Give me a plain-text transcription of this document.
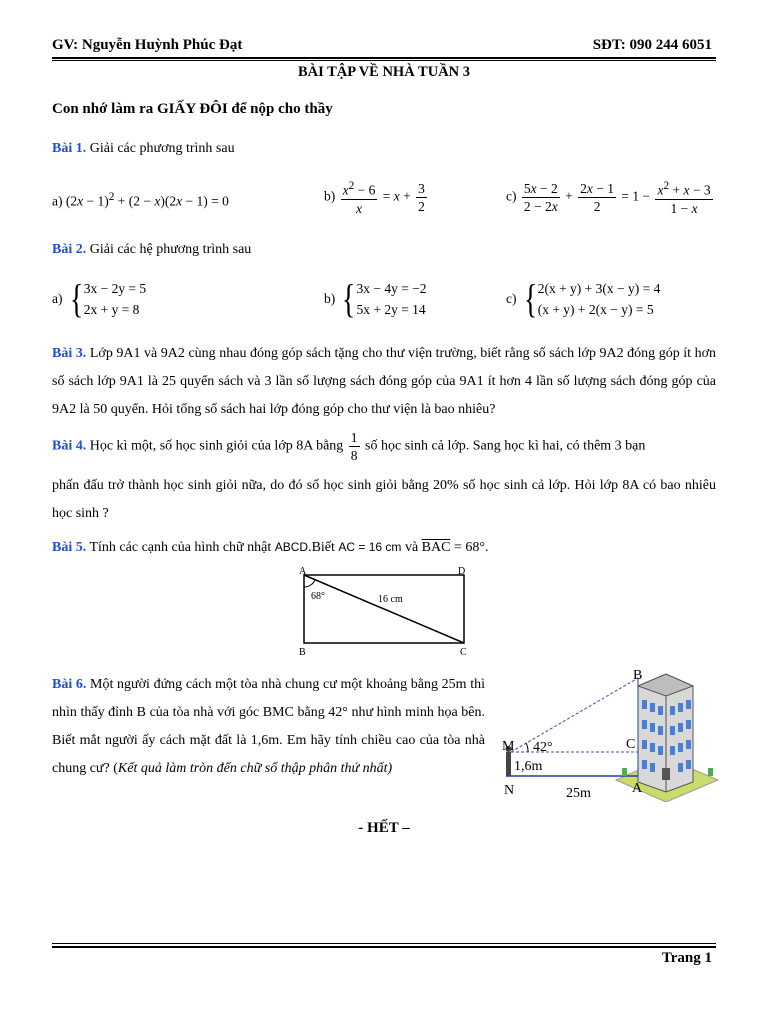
GV: Nguyễn Huỳnh Phúc Đạt	SĐT: 090 244 6051
BÀI TẬP VỀ NHÀ TUẦN 3
Con nhớ làm ra GIẤY ĐÔI để nộp cho thầy
Bài 1. Giải các phương trình sau
a) $(2x - 1)^2 + (2 - x)(2x - 1) = 0$	$b) \frac{x^2 - 6}{x} = x + \frac{3}{2}$	$c) \frac{5x - 2}{2 - 2x} + \frac{2x - 1}{2} = 1 - \frac{x^2 + x - 3}{1 - x}$
Bài 2. Giải các hệ phương trình sau
a) { 3x − 2y = 5
2x + y = 8
b) { 3x − 4y = −2
5x + 2y = 14
c) { 2(x + y) + 3(x − y) = 4
(x + y) + 2(x − y) = 5
Bài 3. Lớp 9A1 và 9A2 cùng nhau đóng góp sách tặng cho thư viện trường, biết rằng số sách lớp 9A2 đóng góp ít hơn số sách lớp 9A1 là 25 quyển sách và 3 lần số lượng sách đóng góp của 9A1 ít hơn 4 lần số lượng sách đóng góp của 9A2 là 50 quyển. Hỏi tổng số sách hai lớp đóng góp cho thư viện là bao nhiêu?
Bài 4. Học kì một, số học sinh giỏi của lớp 8A bằng $\frac{1}{8}$ số học sinh cả lớp. Sang học kì hai, có thêm 3 bạn
phấn đấu trở thành học sinh giỏi nữa, do đó số học sinh giỏi bằng 20% số học sinh cả lớp. Hỏi lớp 8A có bao nhiêu học sinh ?
Bài 5. Tính các cạnh của hình chữ nhật ABCD.Biết AC = 16 cm và $\overline{BAC} = 68^\circ$.
A	D
B	C
68°	16 cm
Bài 6. Một người đứng cách một tòa nhà chung cư một khoảng bằng 25m thì nhìn thấy đỉnh B của tòa nhà với góc BMC bằng 42° như hình minh họa bên. Biết mắt người ấy cách mặt đất là 1,6m. Em hãy tính chiều cao của tòa nhà chung cư? (Kết quả làm tròn đến chữ số thập phân thứ nhất)
B
M	C
N	A
42°
1,6m
25m
- HẾT –
Trang 1
